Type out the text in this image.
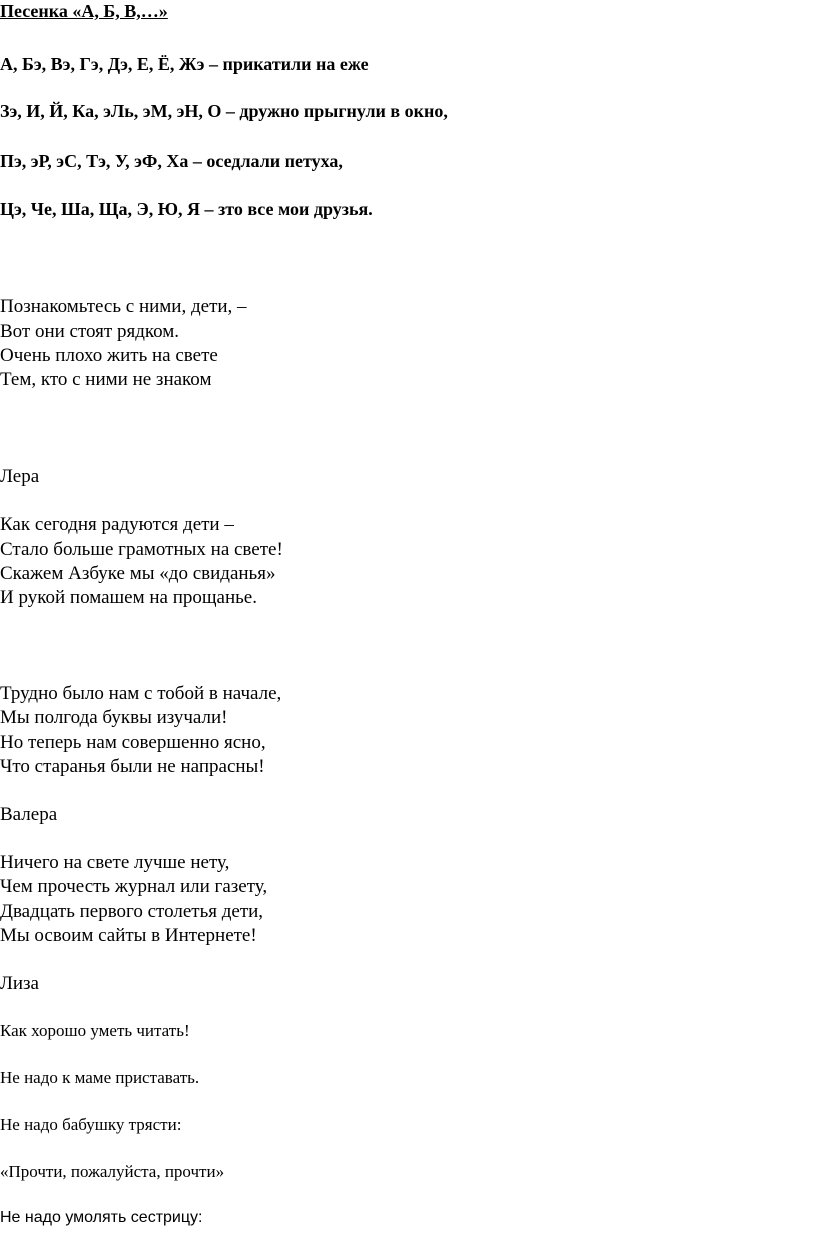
Песенка «А, Б, В,…»

А, Бэ, Вэ, Гэ, Дэ, Е, Ё, Жэ – прикатили на еже

Зэ, И, Й, Ка, эЛь, эМ, эН, О – дружно прыгнули в окно,

Пэ, эР, эС, Тэ, У, эФ, Ха – оседлали петуха,

Цэ, Че, Ша, Ща, Э, Ю, Я – зто все мои друзья.

Познакомьтесь с ними, дети, –

Вот они стоят рядком.

Очень плохо жить на свете

Тем, кто с ними не знаком

Лера

Как сегодня радуются дети –

Стало больше грамотных на свете!

Скажем Азбуке мы «до свиданья»

И рукой помашем на прощанье.

Трудно было нам с тобой в начале,

Мы полгода буквы изучали!

Но теперь нам совершенно ясно,

Что старанья были не напрасны!

Валера

Ничего на свете лучше нету,

Чем прочесть журнал или газету,

Двадцать первого столетья дети,

Мы освоим сайты в Интернете!

Лиза

Как хорошо уметь читать!

Не надо к маме приставать.

Не надо бабушку трясти:

«Прочти, пожалуйста, прочти»

Не надо умолять сестрицу:
